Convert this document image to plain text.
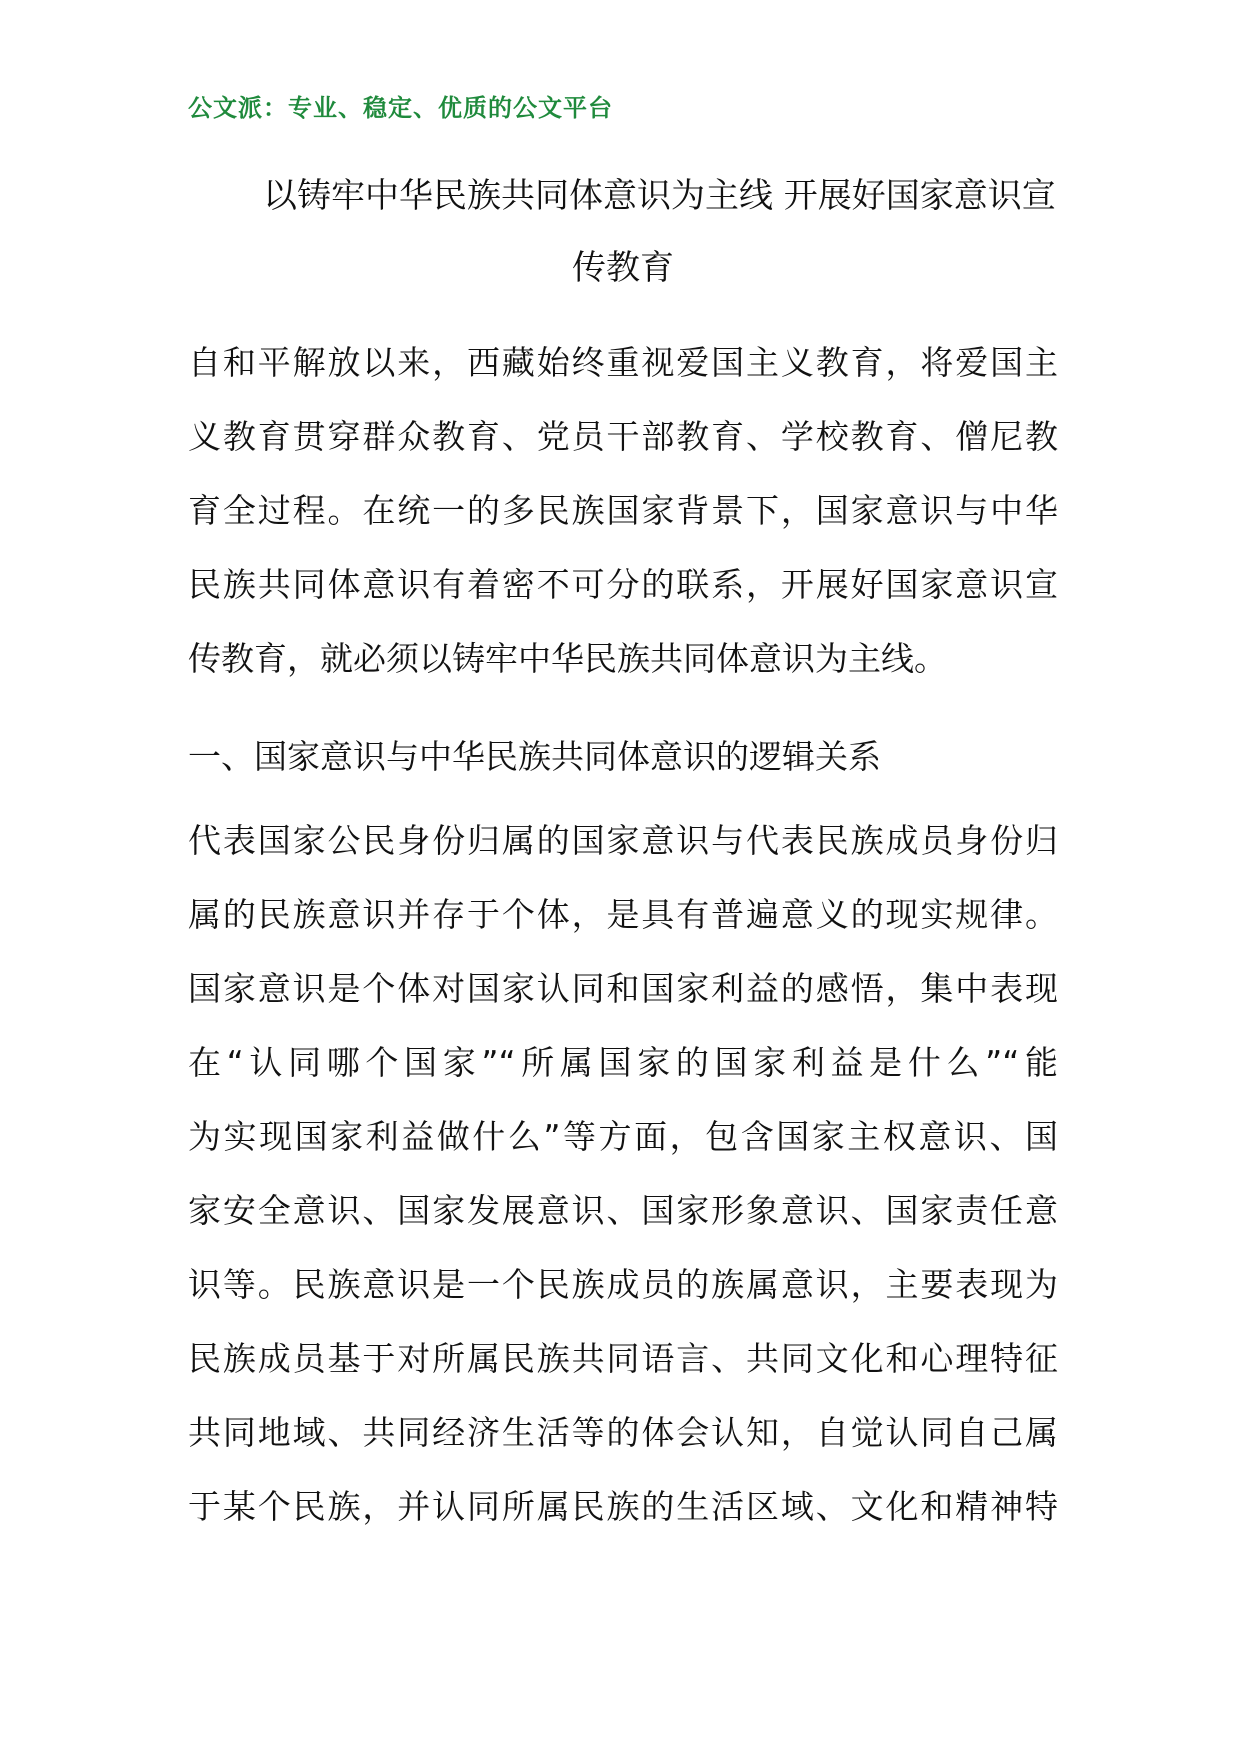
公文派：专业、稳定、优质的公文平台
以铸牢中华民族共同体意识为主线 开展好国家意识宣
传教育
自和平解放以来，西藏始终重视爱国主义教育，将爱国主
义教育贯穿群众教育、党员干部教育、学校教育、僧尼教
育全过程。在统一的多民族国家背景下，国家意识与中华
民族共同体意识有着密不可分的联系，开展好国家意识宣
传教育，就必须以铸牢中华民族共同体意识为主线。
一、国家意识与中华民族共同体意识的逻辑关系
代表国家公民身份归属的国家意识与代表民族成员身份归
属的民族意识并存于个体，是具有普遍意义的现实规律。
国家意识是个体对国家认同和国家利益的感悟，集中表现
在“认同哪个国家”“所属国家的国家利益是什么”“能
为实现国家利益做什么”等方面，包含国家主权意识、国
家安全意识、国家发展意识、国家形象意识、国家责任意
识等。民族意识是一个民族成员的族属意识，主要表现为
民族成员基于对所属民族共同语言、共同文化和心理特征
共同地域、共同经济生活等的体会认知，自觉认同自己属
于某个民族，并认同所属民族的生活区域、文化和精神特
